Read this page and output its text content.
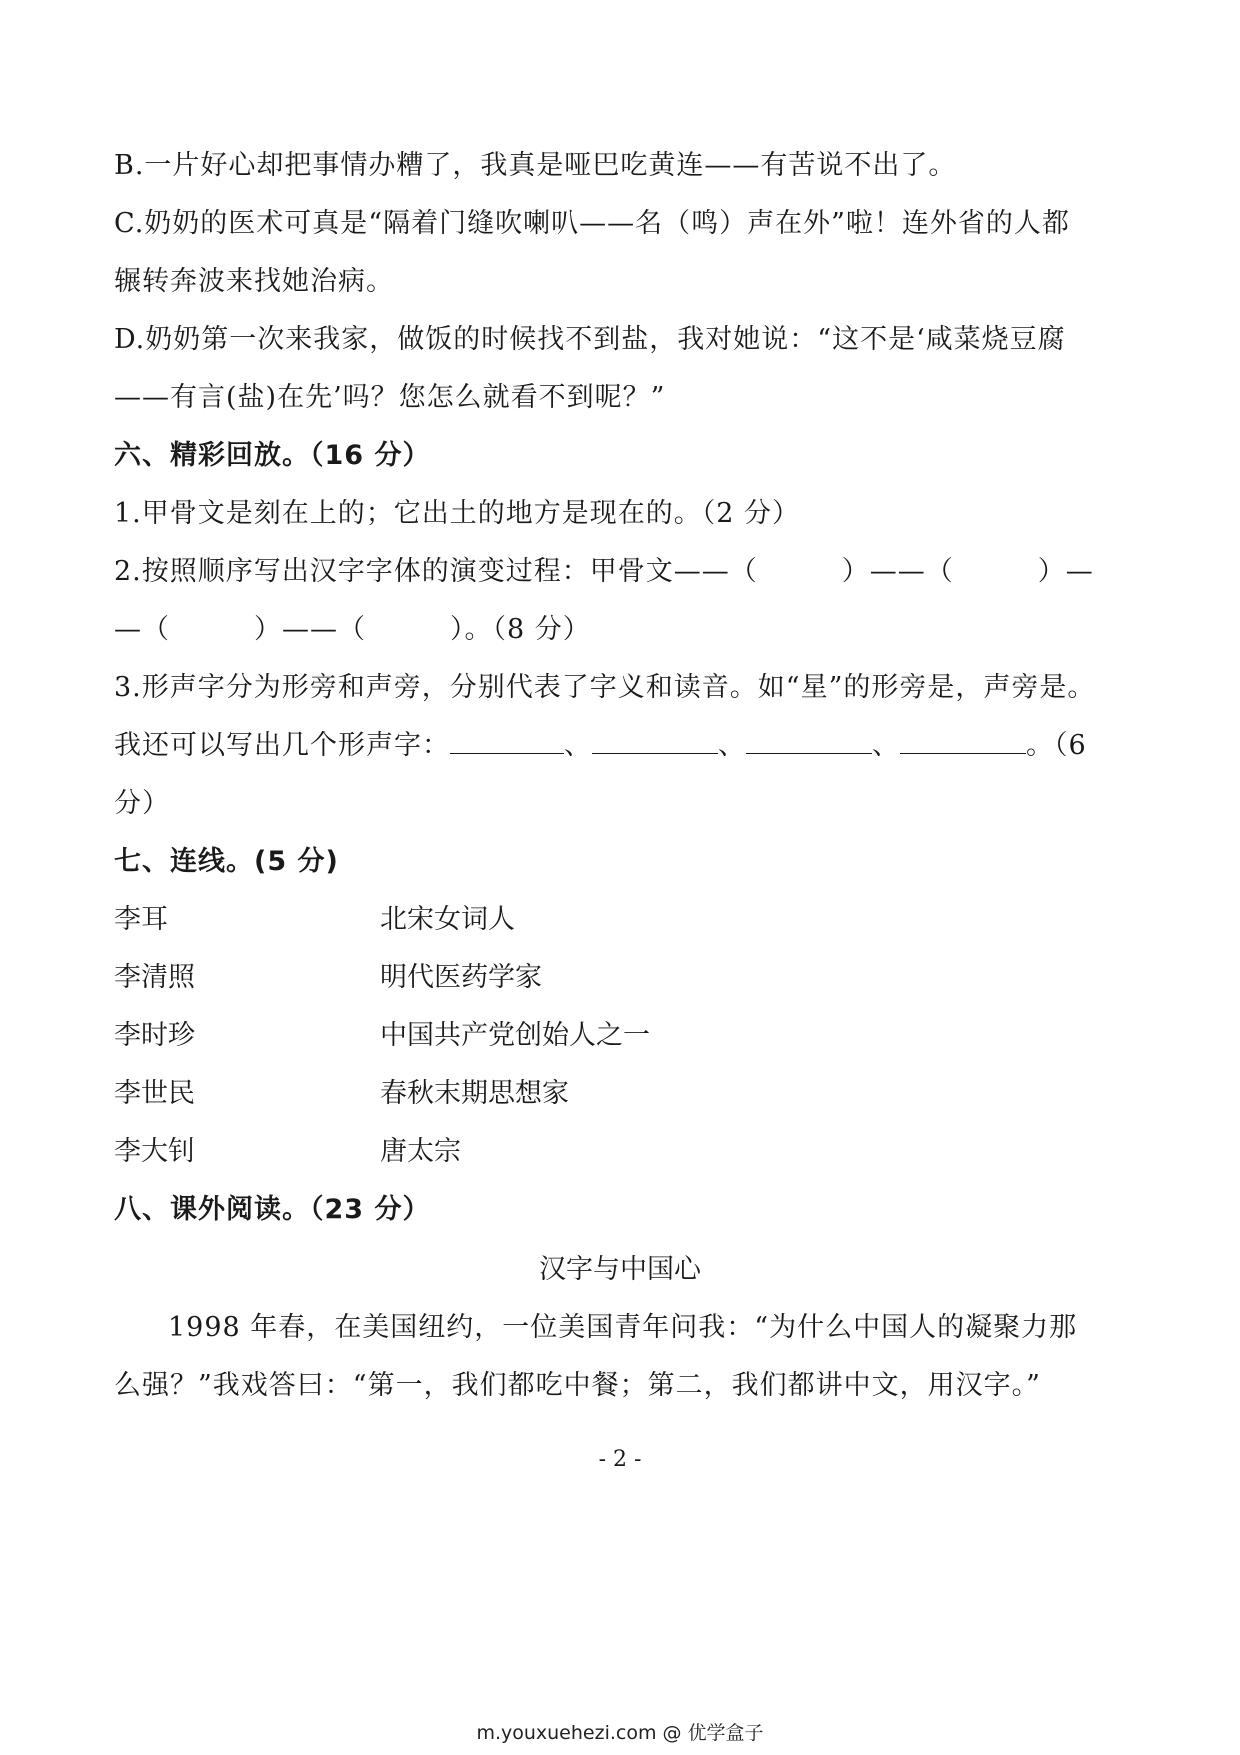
B.一片好心却把事情办糟了，我真是哑巴吃黄连——有苦说不出了。
C.奶奶的医术可真是“隔着门缝吹喇叭——名（鸣）声在外”啦！连外省的人都
辗转奔波来找她治病。
D.奶奶第一次来我家，做饭的时候找不到盐，我对她说：“这不是‘咸菜烧豆腐
——有言(盐)在先’吗？您怎么就看不到呢？”
六、精彩回放。（16 分）
1.甲骨文是刻在上的；它出土的地方是现在的。（2 分）
2.按照顺序写出汉字字体的演变过程：甲骨文——（　　　）——（　　　）—
—（　　　）——（　　　）。（8 分）
3.形声字分为形旁和声旁，分别代表了字义和读音。如“星”的形旁是，声旁是。
我还可以写出几个形声字：	、	、	、	。（6
分）
七、连线。(5 分)
李耳	北宋女词人
李清照	明代医药学家
李时珍	中国共产党创始人之一
李世民	春秋末期思想家
李大钊	唐太宗
八、课外阅读。（23 分）
汉字与中国心
1998 年春，在美国纽约，一位美国青年问我：“为什么中国人的凝聚力那
么强？”我戏答曰：“第一，我们都吃中餐；第二，我们都讲中文，用汉字。”
- 2 -
m.youxuehezi.com @ 优学盒子
